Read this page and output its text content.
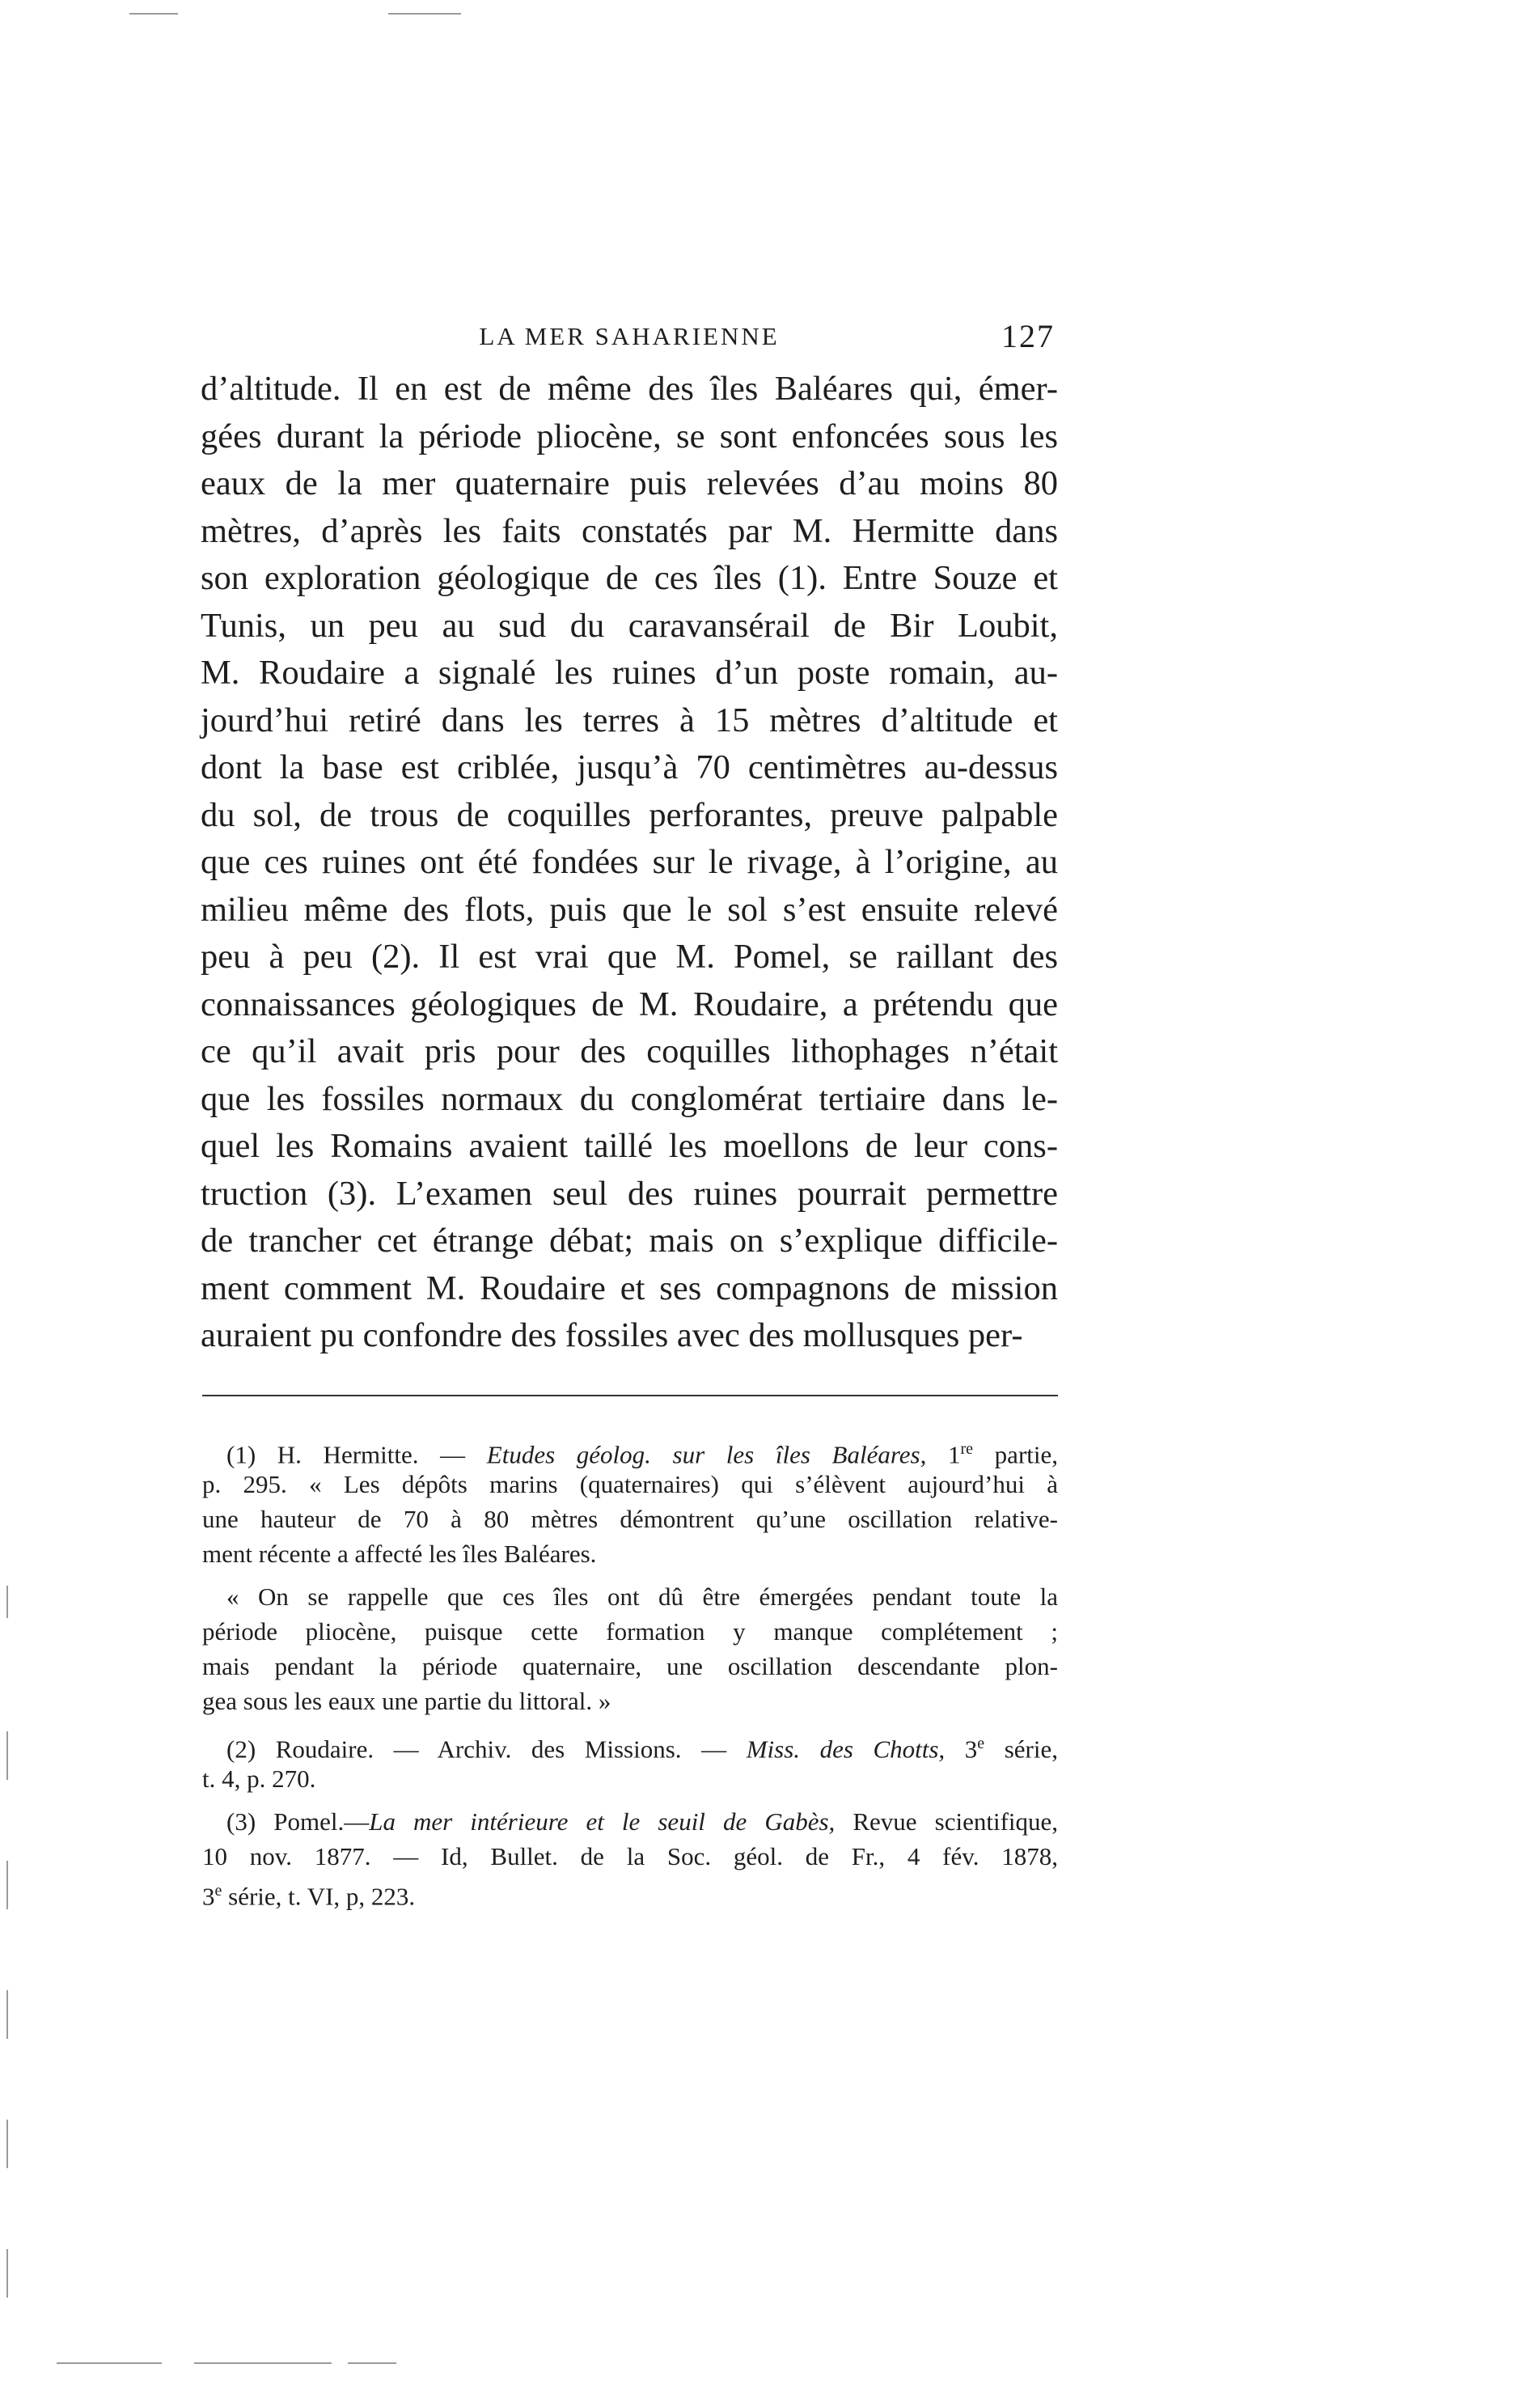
LA MER SAHARIENNE	127
d’altitude. Il en est de même des îles Baléares qui, émer-
gées durant la période pliocène, se sont enfoncées sous les
eaux de la mer quaternaire puis relevées d’au moins 80
mètres, d’après les faits constatés par M. Hermitte dans
son exploration géologique de ces îles (1). Entre Souze et
Tunis, un peu au sud du caravansérail de Bir Loubit,
M. Roudaire a signalé les ruines d’un poste romain, au-
jourd’hui retiré dans les terres à 15 mètres d’altitude et
dont la base est criblée, jusqu’à 70 centimètres au-dessus
du sol, de trous de coquilles perforantes, preuve palpable
que ces ruines ont été fondées sur le rivage, à l’origine, au
milieu même des flots, puis que le sol s’est ensuite relevé
peu à peu (2). Il est vrai que M. Pomel, se raillant des
connaissances géologiques de M. Roudaire, a prétendu que
ce qu’il avait pris pour des coquilles lithophages n’était
que les fossiles normaux du conglomérat tertiaire dans le-
quel les Romains avaient taillé les moellons de leur cons-
truction (3). L’examen seul des ruines pourrait permettre
de trancher cet étrange débat; mais on s’explique difficile-
ment comment M. Roudaire et ses compagnons de mission
auraient pu confondre des fossiles avec des mollusques per-
(1) H. Hermitte. — Etudes géolog. sur les îles Baléares, 1re partie,
p. 295. « Les dépôts marins (quaternaires) qui s’élèvent aujourd’hui à
une hauteur de 70 à 80 mètres démontrent qu’une oscillation relative-
ment récente a affecté les îles Baléares.
« On se rappelle que ces îles ont dû être émergées pendant toute la
période pliocène, puisque cette formation y manque complétement ;
mais pendant la période quaternaire, une oscillation descendante plon-
gea sous les eaux une partie du littoral. »
(2) Roudaire. — Archiv. des Missions. — Miss. des Chotts, 3e série,
t. 4, p. 270.
(3) Pomel.—La mer intérieure et le seuil de Gabès, Revue scientifique,
10 nov. 1877. — Id, Bullet. de la Soc. géol. de Fr., 4 fév. 1878,
3e série, t. VI, p, 223.
